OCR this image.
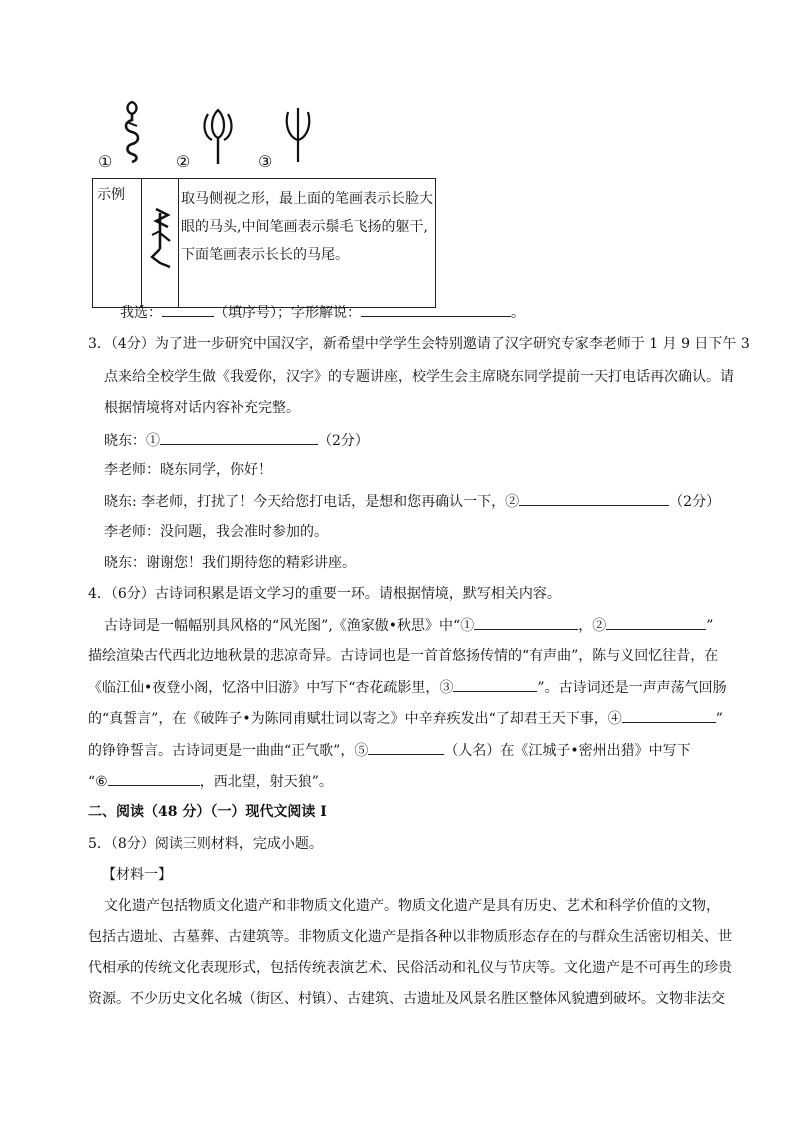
①	②	③
示例		取马侧视之形，最上面的笔画表示长脸大
眼的马头,中间笔画表示鬃毛飞扬的躯干,
下面笔画表示长长的马尾。
我选：	（填序号）；字形解说：	。
3．（4分）为了进一步研究中国汉字，新希望中学学生会特别邀请了汉字研究专家李老师于 1 月 9 日下午 3
点来给全校学生做《我爱你，汉字》的专题讲座，校学生会主席晓东同学提前一天打电话再次确认。请
根据情境将对话内容补充完整。
晓东：①	（2分）
李老师：晓东同学，你好！
晓东: 李老师，打扰了！今天给您打电话，是想和您再确认一下，②	（2分）
李老师：没问题，我会准时参加的。
晓东：谢谢您！我们期待您的精彩讲座。
4．（6分）古诗词积累是语文学习的重要一环。请根据情境，默写相关内容。
古诗词是一幅幅别具风格的“风光图”,《渔家傲•秋思》中“①	，②	”
描绘渲染古代西北边地秋景的悲凉奇异。古诗词也是一首首悠扬传情的“有声曲”，陈与义回忆往昔，在
《临江仙•夜登小阁，忆洛中旧游》中写下“杏花疏影里，③	”。古诗词还是一声声荡气回肠
的“真誓言”，在《破阵子•为陈同甫赋壮词以寄之》中辛弃疾发出“了却君王天下事，④	”
的铮铮誓言。古诗词更是一曲曲“正气歌”，⑤	（人名）在《江城子•密州出猎》中写下
“⑥	，西北望，射天狼”。
二、阅读（48 分）（一）现代文阅读 I
5．（8分）阅读三则材料，完成小题。
【材料一】
文化遗产包括物质文化遗产和非物质文化遗产。物质文化遗产是具有历史、艺术和科学价值的文物，
包括古遗址、古墓葬、古建筑等。非物质文化遗产是指各种以非物质形态存在的与群众生活密切相关、世
代相承的传统文化表现形式，包括传统表演艺术、民俗活动和礼仪与节庆等。文化遗产是不可再生的珍贵
资源。不少历史文化名城（街区、村镇）、古建筑、古遗址及风景名胜区整体风貌遭到破坏。文物非法交
